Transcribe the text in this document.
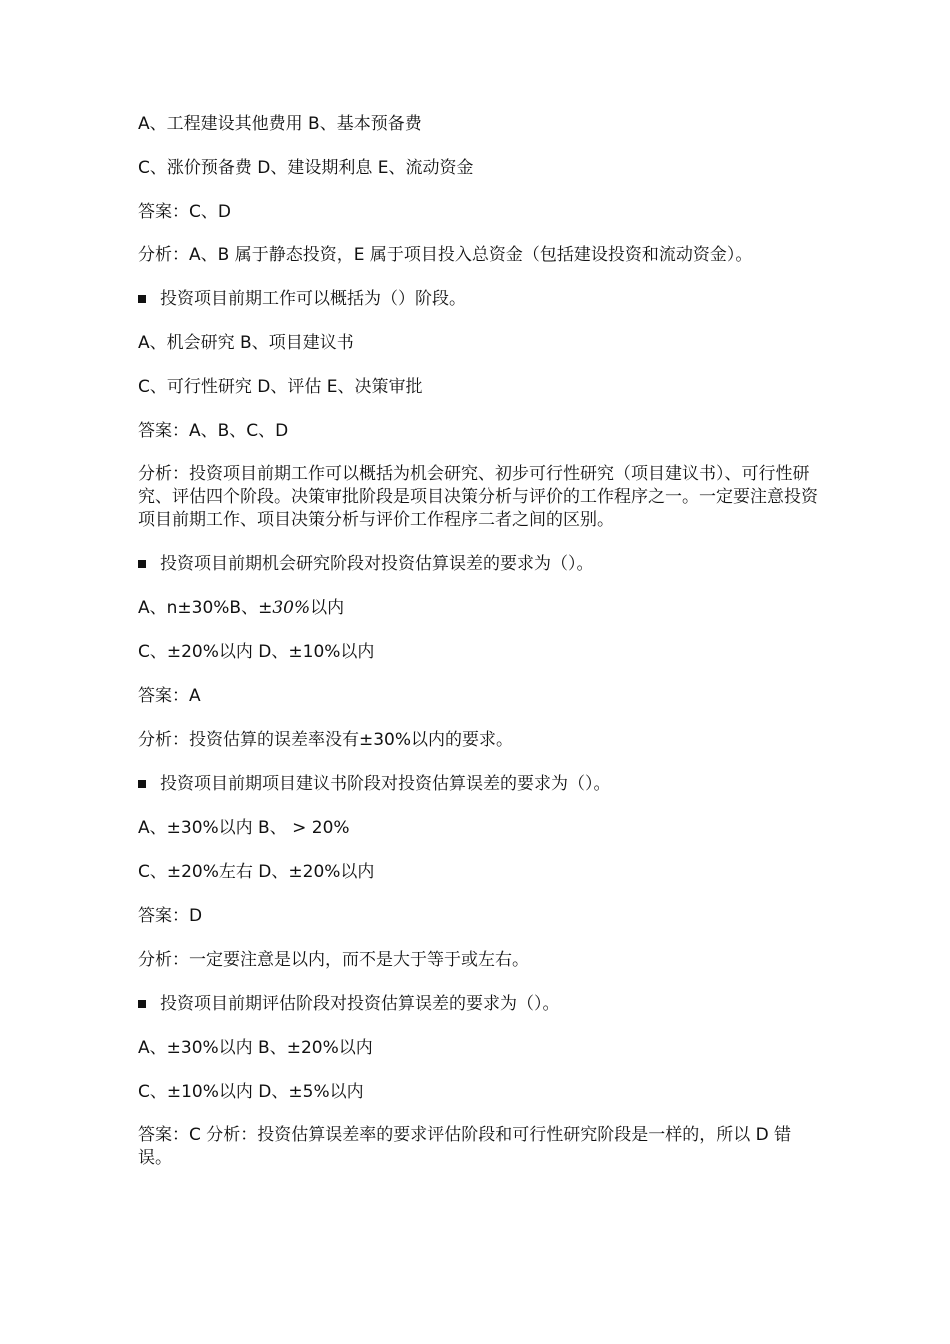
A、工程建设其他费用 B、基本预备费
C、涨价预备费 D、建设期利息 E、流动资金
答案：C、D
分析：A、B 属于静态投资，E 属于项目投入总资金（包括建设投资和流动资金）。
投资项目前期工作可以概括为（）阶段。
A、机会研究 B、项目建议书
C、可行性研究 D、评估 E、决策审批
答案：A、B、C、D
分析：投资项目前期工作可以概括为机会研究、初步可行性研究（项目建议书）、可行性研究、评估四个阶段。决策审批阶段是项目决策分析与评价的工作程序之一。一定要注意投资项目前期工作、项目决策分析与评价工作程序二者之间的区别。
投资项目前期机会研究阶段对投资估算误差的要求为（）。
A、n±30%B、±30%以内
C、±20%以内 D、±10%以内
答案：A
分析：投资估算的误差率没有±30%以内的要求。
投资项目前期项目建议书阶段对投资估算误差的要求为（）。
A、±30%以内 B、 > 20%
C、±20%左右 D、±20%以内
答案：D
分析：一定要注意是以内，而不是大于等于或左右。
投资项目前期评估阶段对投资估算误差的要求为（）。
A、±30%以内 B、±20%以内
C、±10%以内 D、±5%以内
答案：C 分析：投资估算误差率的要求评估阶段和可行性研究阶段是一样的，所以 D 错误。
